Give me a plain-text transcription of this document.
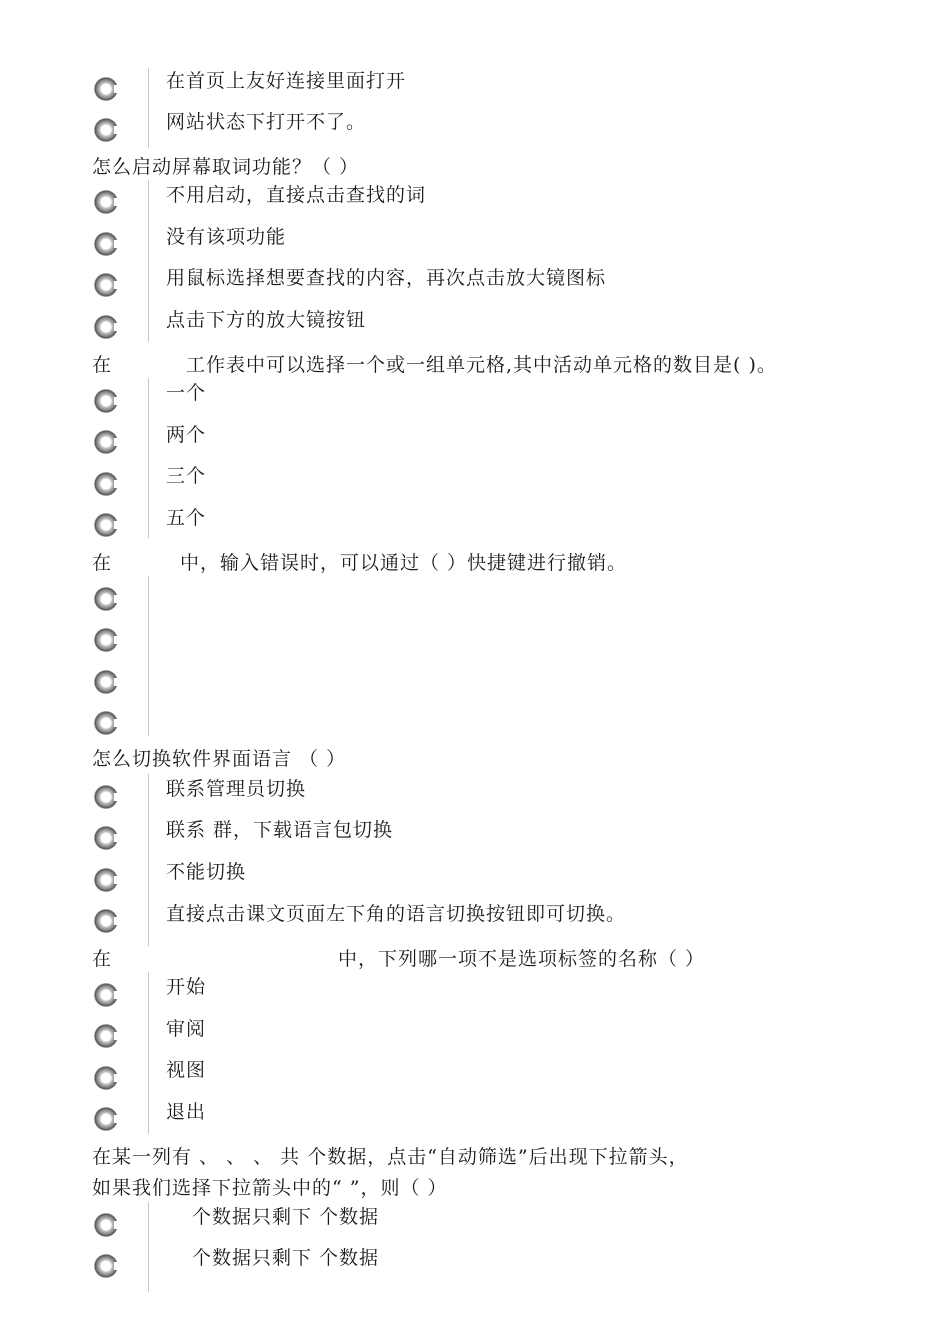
在首页上友好连接里面打开
网站状态下打开不了。
怎么启动屏幕取词功能？（ ）
不用启动，直接点击查找的词
没有该项功能
用鼠标选择想要查找的内容，再次点击放大镜图标
点击下方的放大镜按钮
在	工作表中可以选择一个或一组单元格,其中活动单元格的数目是( )。
一个
两个
三个
五个
在	中，输入错误时，可以通过（ ）快捷键进行撤销。
怎么切换软件界面语言 （ ）
联系管理员切换
联系 群，下载语言包切换
不能切换
直接点击课文页面左下角的语言切换按钮即可切换。
在	中，下列哪一项不是选项标签的名称（ ）
开始
审阅
视图
退出
在某一列有 、 、 、 共 个数据，点击“自动筛选”后出现下拉箭头，
如果我们选择下拉箭头中的“ ”，则（ ）
个数据只剩下 个数据
个数据只剩下 个数据
